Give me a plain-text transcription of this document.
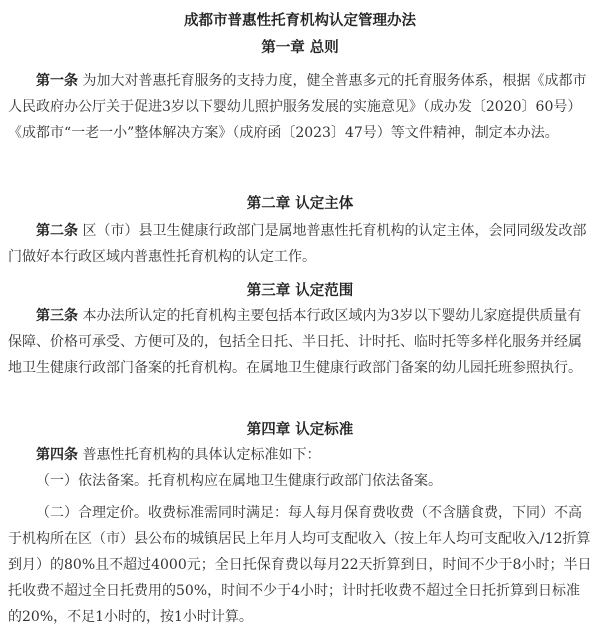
成都市普惠性托育机构认定管理办法
第一章 总则
第一条 为加大对普惠托育服务的支持力度，健全普惠多元的托育服务体系，根据《成都市人民政府办公厅关于促进3岁以下婴幼儿照护服务发展的实施意见》（成办发〔2020〕60号）《成都市“一老一小”整体解决方案》（成府函〔2023〕47号）等文件精神，制定本办法。
第二章 认定主体
第二条 区（市）县卫生健康行政部门是属地普惠性托育机构的认定主体，会同同级发改部门做好本行政区域内普惠性托育机构的认定工作。
第三章 认定范围
第三条 本办法所认定的托育机构主要包括本行政区域内为3岁以下婴幼儿家庭提供质量有保障、价格可承受、方便可及的，包括全日托、半日托、计时托、临时托等多样化服务并经属地卫生健康行政部门备案的托育机构。在属地卫生健康行政部门备案的幼儿园托班参照执行。
第四章 认定标准
第四条 普惠性托育机构的具体认定标准如下：
（一）依法备案。托育机构应在属地卫生健康行政部门依法备案。
（二）合理定价。收费标准需同时满足：每人每月保育费收费（不含膳食费，下同）不高于机构所在区（市）县公布的城镇居民上年月人均可支配收入（按上年人均可支配收入/12折算到月）的80%且不超过4000元；全日托保育费以每月22天折算到日，时间不少于8小时；半日托收费不超过全日托费用的50%，时间不少于4小时；计时托收费不超过全日托折算到日标准的20%，不足1小时的，按1小时计算。
